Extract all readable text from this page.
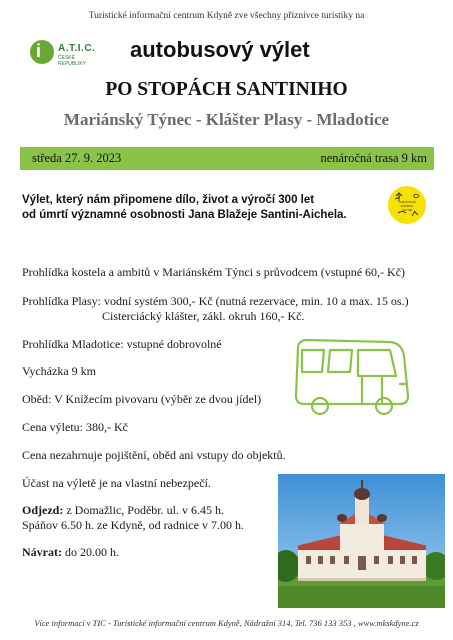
Turistické informační centrum Kdyně zve všechny příznivce turistiky na
i A.T.I.C.
ČESKÉ REPUBLIKY
autobusový výlet
PO STOPÁCH SANTINIHO
Mariánský Týnec - Klášter Plasy - Mladotice
středa 27. 9. 2023	nenáročná trasa 9 km
Výlet, který nám připomene dílo, život a výročí 300 let
od úmrtí významné osobnosti Jana Blažeje Santini-Aichela.
TURISTICKÁ
ZNÁMKA
KDYNĚ
Prohlídka kostela a ambitů v Mariánském Týnci s průvodcem (vstupné 60,- Kč)
Prohlídka Plasy: vodní systém 300,- Kč (nutná rezervace, min. 10 a max. 15 os.)
Cisterciácký klášter, zákl. okruh 160,- Kč.
Prohlídka Mladotice: vstupné dobrovolné
Vycházka 9 km
Oběd: V Knížecím pivovaru (výběr ze dvou jídel)
Cena výletu: 380,- Kč
Cena nezahrnuje pojištění, oběd ani vstupy do objektů.
Účast na výletě je na vlastní nebezpečí.
Odjezd: z Domažlic, Poděbr. ul. v 6.45 h.
Spáňov 6.50 h. ze Kdyně, od radnice v 7.00 h.
Návrat: do 20.00 h.
Více informací v TIC - Turistické informační centrum Kdyně, Nádražní 314, Tel. 736 133 353 , www.mkskdyne.cz
